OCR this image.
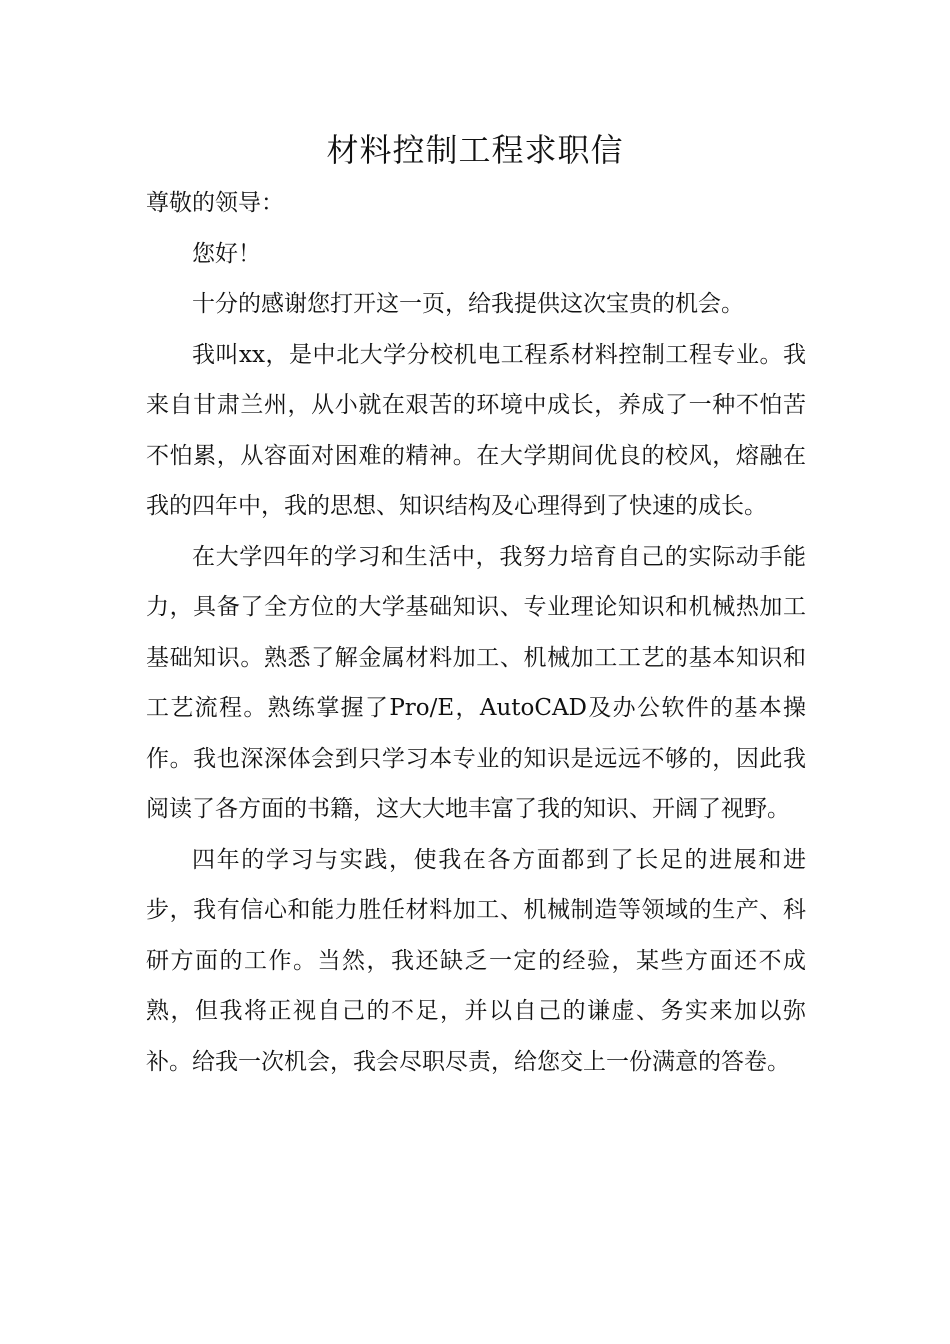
材料控制工程求职信

尊敬的领导：

您好！

十分的感谢您打开这一页，给我提供这次宝贵的机会。

我叫xx，是中北大学分校机电工程系材料控制工程专业。我来自甘肃兰州，从小就在艰苦的环境中成长，养成了一种不怕苦不怕累，从容面对困难的精神。在大学期间优良的校风，熔融在我的四年中，我的思想、知识结构及心理得到了快速的成长。

在大学四年的学习和生活中，我努力培育自己的实际动手能力，具备了全方位的大学基础知识、专业理论知识和机械热加工基础知识。熟悉了解金属材料加工、机械加工工艺的基本知识和工艺流程。熟练掌握了Pro/E，AutoCAD及办公软件的基本操作。我也深深体会到只学习本专业的知识是远远不够的，因此我阅读了各方面的书籍，这大大地丰富了我的知识、开阔了视野。

四年的学习与实践，使我在各方面都到了长足的进展和进步，我有信心和能力胜任材料加工、机械制造等领域的生产、科研方面的工作。当然，我还缺乏一定的经验，某些方面还不成熟，但我将正视自己的不足，并以自己的谦虚、务实来加以弥补。给我一次机会，我会尽职尽责，给您交上一份满意的答卷。
